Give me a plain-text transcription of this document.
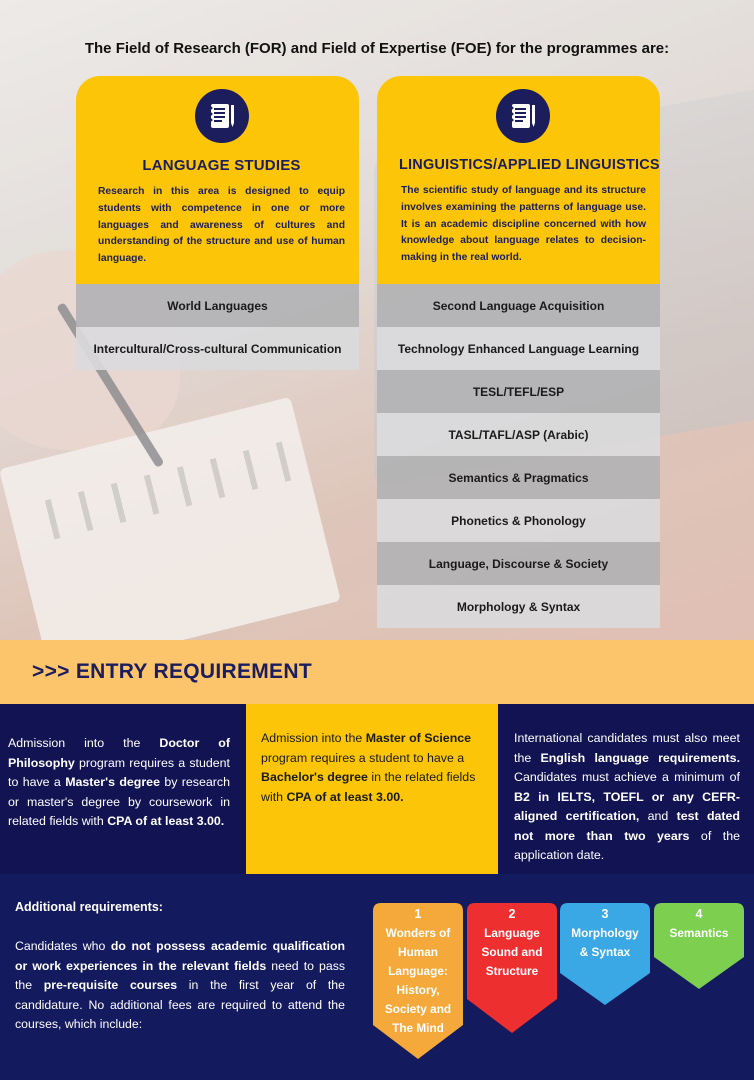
The Field of Research (FOR) and Field of Expertise (FOE) for the programmes are:
LANGUAGE STUDIES
Research in this area is designed to equip students with competence in one or more languages and awareness of cultures and understanding of the structure and use of human language.
World Languages
Intercultural/Cross-cultural Communication
LINGUISTICS/APPLIED LINGUISTICS
The scientific study of language and its structure involves examining the patterns of language use. It is an academic discipline concerned with how knowledge about language relates to decision-making in the real world.
Second Language Acquisition
Technology Enhanced Language Learning
TESL/TEFL/ESP
TASL/TAFL/ASP (Arabic)
Semantics & Pragmatics
Phonetics & Phonology
Language, Discourse & Society
Morphology & Syntax
>>> ENTRY REQUIREMENT

Admission into the Doctor of Philosophy program requires a student to have a Master's degree by research or master's degree by coursework in related fields with CPA of at least 3.00.

Admission into the Master of Science program requires a student to have a Bachelor's degree in the related fields with CPA of at least 3.00.

International candidates must also meet the English language requirements. Candidates must achieve a minimum of B2 in IELTS, TOEFL or any CEFR-aligned certification, and test dated not more than two years of the application date.

Additional requirements:

Candidates who do not possess academic qualification or work experiences in the relevant fields need to pass the pre-requisite courses in the first year of the candidature. No additional fees are required to attend the courses, which include:

1
Wonders of Human Language: History, Society and The Mind
2
Language Sound and Structure
3
Morphology & Syntax
4
Semantics
